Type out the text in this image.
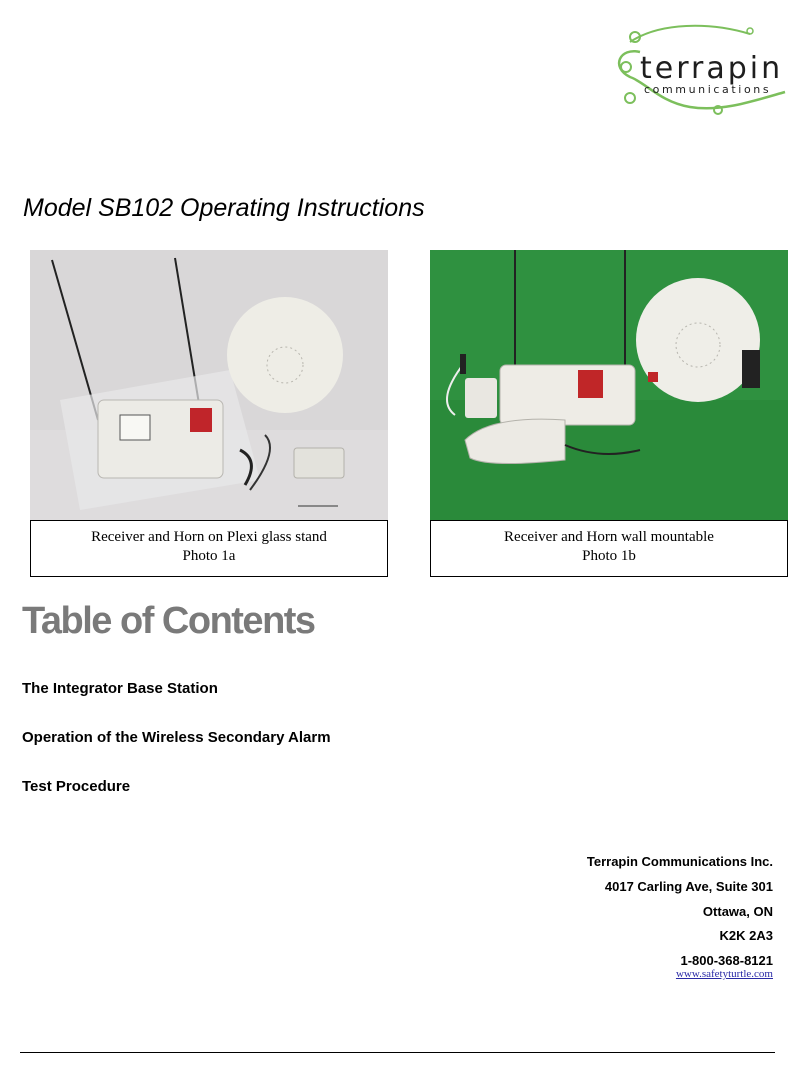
terrapin
communications
Model SB102 Operating Instructions
Receiver and Horn on Plexi glass stand
Photo 1a
Receiver and Horn wall mountable
Photo 1b
Table of Contents
The Integrator Base Station
Operation of the Wireless Secondary Alarm
Test Procedure
Terrapin Communications Inc.
4017 Carling Ave, Suite 301
Ottawa, ON
K2K 2A3
1-800-368-8121
www.safetyturtle.com
